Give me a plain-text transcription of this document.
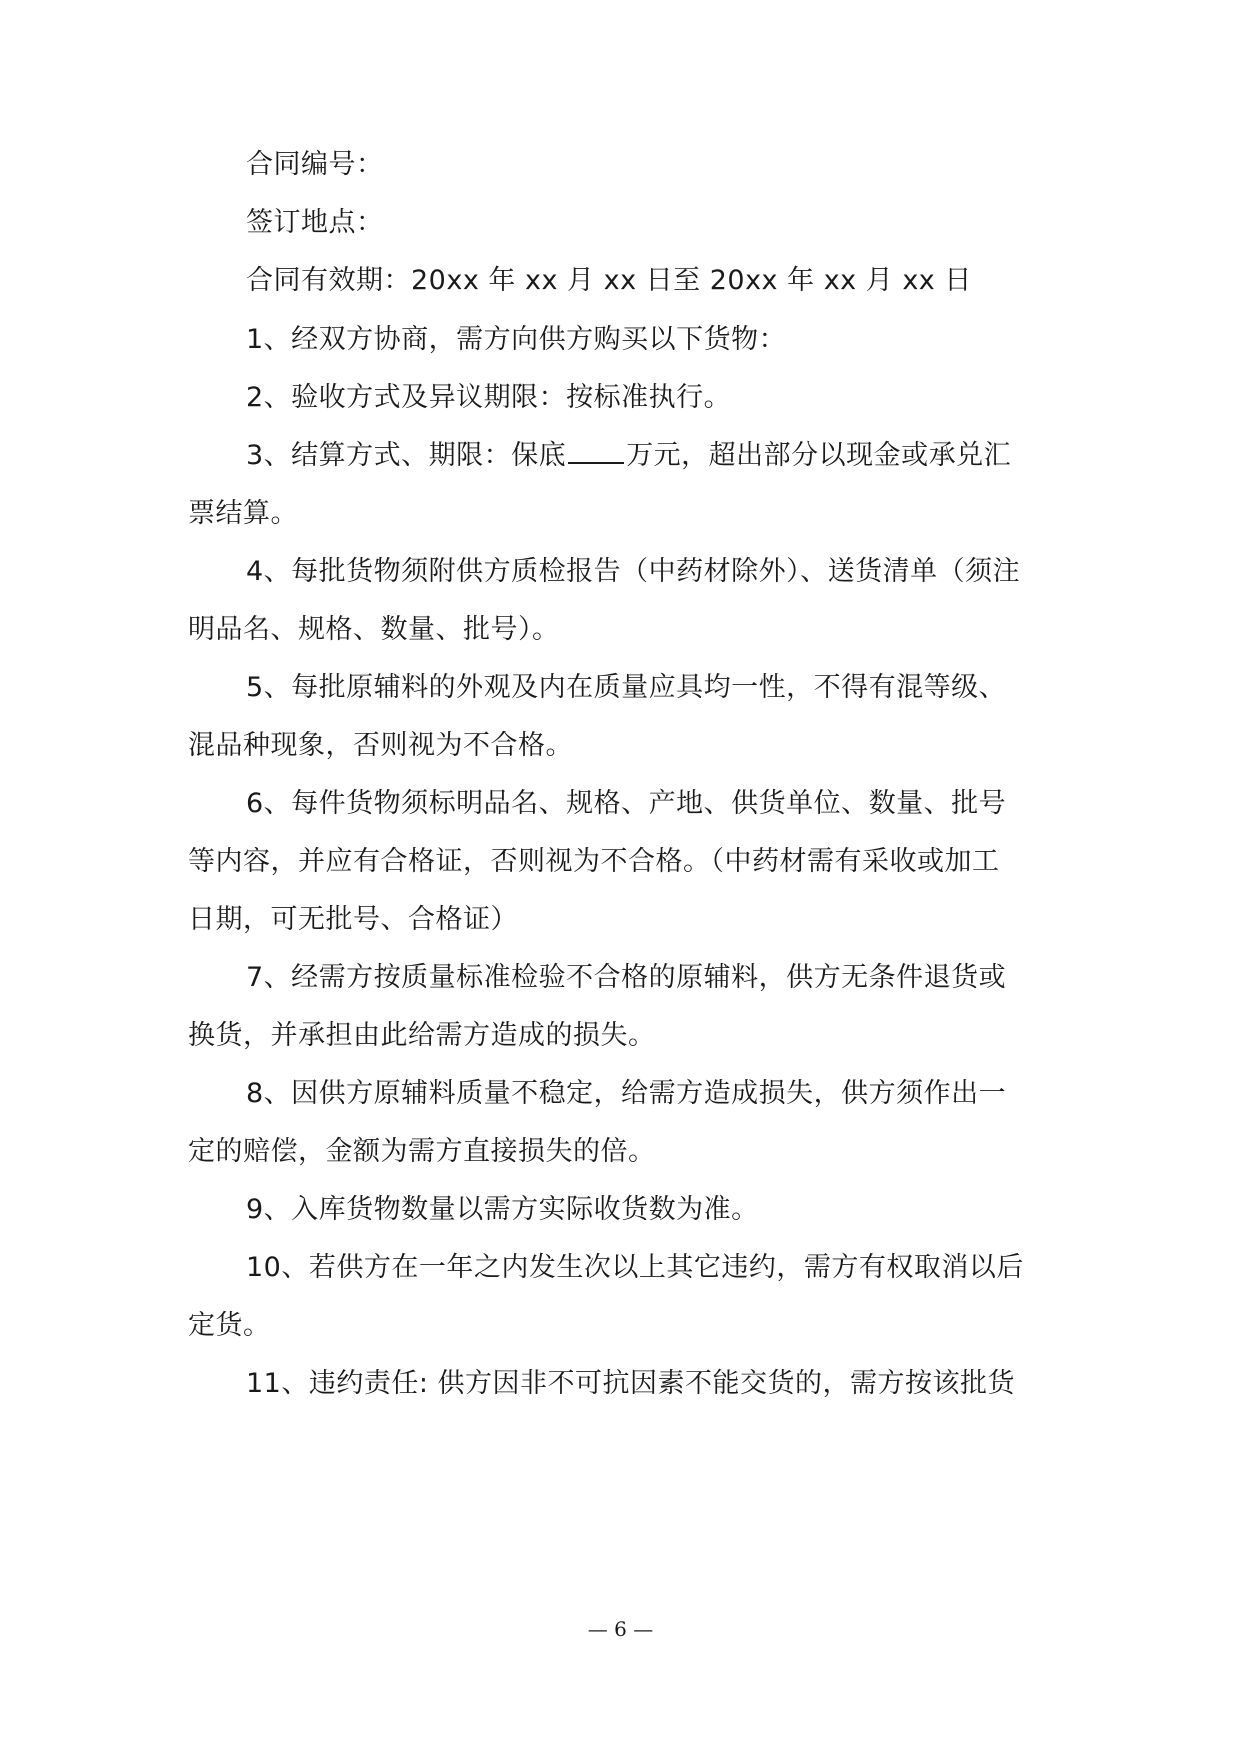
合同编号：
签订地点：
合同有效期：20xx 年 xx 月 xx 日至 20xx 年 xx 月 xx 日
1、经双方协商，需方向供方购买以下货物：
2、验收方式及异议期限：按标准执行。
3、结算方式、期限：保底 万元，超出部分以现金或承兑汇
票结算。
4、每批货物须附供方质检报告（中药材除外）、送货清单（须注
明品名、规格、数量、批号）。
5、每批原辅料的外观及内在质量应具均一性，不得有混等级、
混品种现象，否则视为不合格。
6、每件货物须标明品名、规格、产地、供货单位、数量、批号
等内容，并应有合格证，否则视为不合格。（中药材需有采收或加工
日期，可无批号、合格证）
7、经需方按质量标准检验不合格的原辅料，供方无条件退货或
换货，并承担由此给需方造成的损失。
8、因供方原辅料质量不稳定，给需方造成损失，供方须作出一
定的赔偿，金额为需方直接损失的倍。
9、入库货物数量以需方实际收货数为准。
10、若供方在一年之内发生次以上其它违约，需方有权取消以后
定货。
11、违约责任: 供方因非不可抗因素不能交货的，需方按该批货
— 6 —
